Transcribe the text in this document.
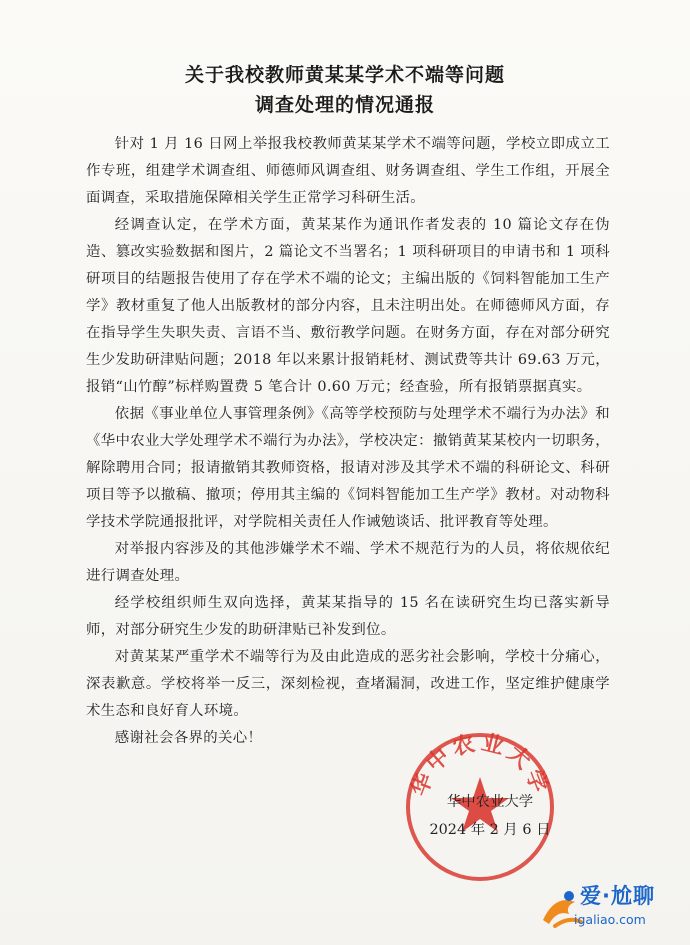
关于我校教师黄某某学术不端等问题
调查处理的情况通报

针对 1 月 16 日网上举报我校教师黄某某学术不端等问题，学校立即成立工作专班，组建学术调查组、师德师风调查组、财务调查组、学生工作组，开展全面调查，采取措施保障相关学生正常学习科研生活。

经调查认定，在学术方面，黄某某作为通讯作者发表的 10 篇论文存在伪造、篡改实验数据和图片，2 篇论文不当署名；1 项科研项目的申请书和 1 项科研项目的结题报告使用了存在学术不端的论文；主编出版的《饲料智能加工生产学》教材重复了他人出版教材的部分内容，且未注明出处。在师德师风方面，存在指导学生失职失责、言语不当、敷衍教学问题。在财务方面，存在对部分研究生少发助研津贴问题；2018 年以来累计报销耗材、测试费等共计 69.63 万元，报销“山竹醇”标样购置费 5 笔合计 0.60 万元；经查验，所有报销票据真实。

依据《事业单位人事管理条例》《高等学校预防与处理学术不端行为办法》和《华中农业大学处理学术不端行为办法》，学校决定：撤销黄某某校内一切职务，解除聘用合同；报请撤销其教师资格，报请对涉及其学术不端的科研论文、科研项目等予以撤稿、撤项；停用其主编的《饲料智能加工生产学》教材。对动物科学技术学院通报批评，对学院相关责任人作诫勉谈话、批评教育等处理。

对举报内容涉及的其他涉嫌学术不端、学术不规范行为的人员，将依规依纪进行调查处理。

经学校组织师生双向选择，黄某某指导的 15 名在读研究生均已落实新导师，对部分研究生少发的助研津贴已补发到位。

对黄某某严重学术不端等行为及由此造成的恶劣社会影响，学校十分痛心，深表歉意。学校将举一反三，深刻检视，查堵漏洞，改进工作，坚定维护健康学术生态和良好育人环境。

感谢社会各界的关心！

华中农业大学
华中农业大学
2024 年 2 月 6 日
爱·尬聊
igaliao.com
